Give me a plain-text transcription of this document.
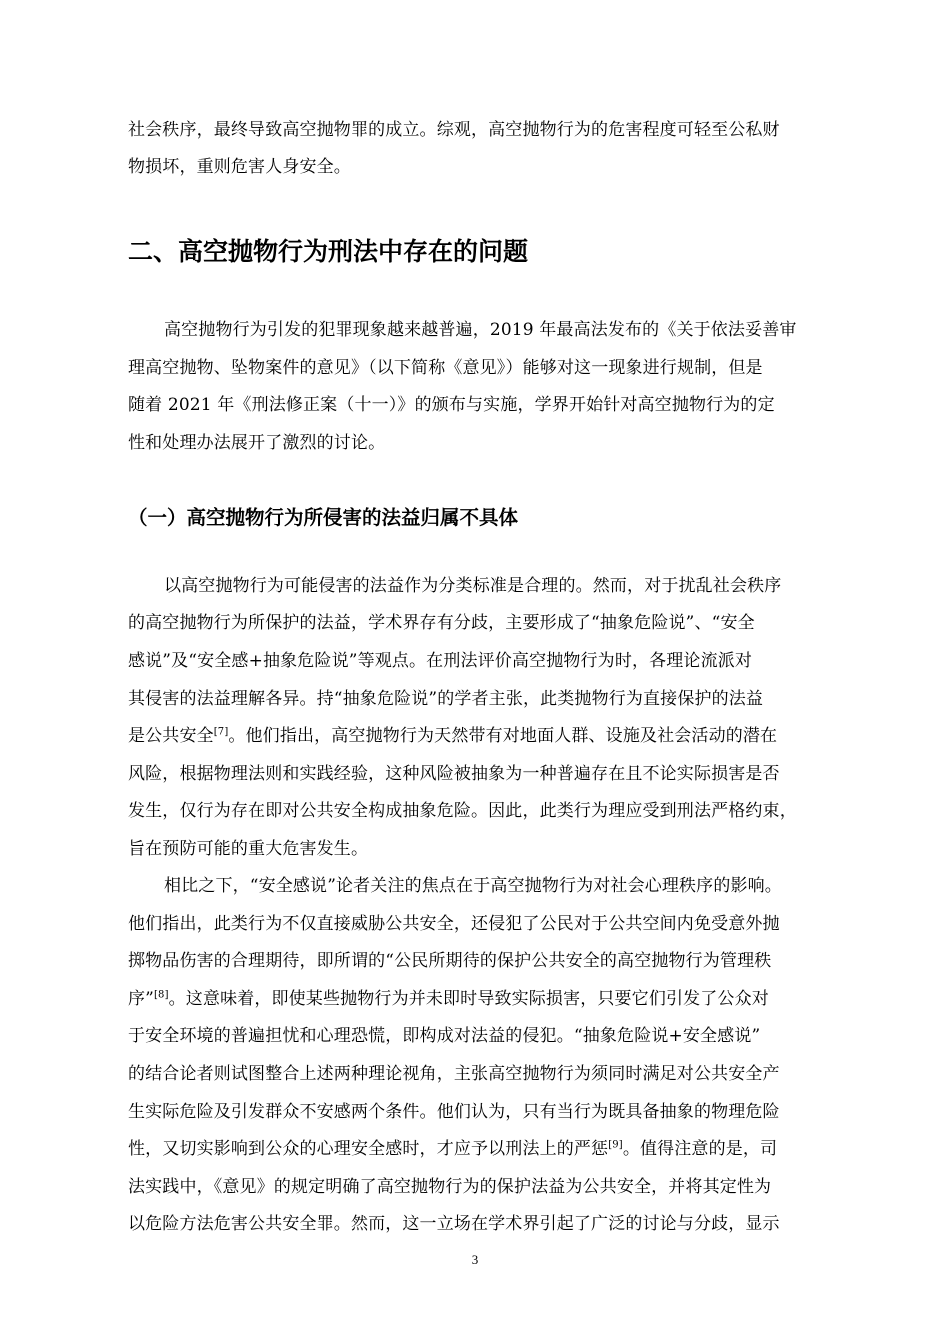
社会秩序，最终导致高空抛物罪的成立。综观，高空抛物行为的危害程度可轻至公私财
物损坏，重则危害人身安全。
二、高空抛物行为刑法中存在的问题
高空抛物行为引发的犯罪现象越来越普遍，2019 年最高法发布的《关于依法妥善审
理高空抛物、坠物案件的意见》（以下简称《意见》）能够对这一现象进行规制，但是
随着 2021 年《刑法修正案（十一）》的颁布与实施，学界开始针对高空抛物行为的定
性和处理办法展开了激烈的讨论。
（一）高空抛物行为所侵害的法益归属不具体
以高空抛物行为可能侵害的法益作为分类标准是合理的。然而，对于扰乱社会秩序
的高空抛物行为所保护的法益，学术界存有分歧，主要形成了“抽象危险说”、“安全
感说”及“安全感+抽象危险说”等观点。在刑法评价高空抛物行为时，各理论流派对
其侵害的法益理解各异。持“抽象危险说”的学者主张，此类抛物行为直接保护的法益
是公共安全[7]。他们指出，高空抛物行为天然带有对地面人群、设施及社会活动的潜在
风险，根据物理法则和实践经验，这种风险被抽象为一种普遍存在且不论实际损害是否
发生，仅行为存在即对公共安全构成抽象危险。因此，此类行为理应受到刑法严格约束，
旨在预防可能的重大危害发生。
相比之下，“安全感说”论者关注的焦点在于高空抛物行为对社会心理秩序的影响。
他们指出，此类行为不仅直接威胁公共安全，还侵犯了公民对于公共空间内免受意外抛
掷物品伤害的合理期待，即所谓的“公民所期待的保护公共安全的高空抛物行为管理秩
序”[8]。这意味着，即使某些抛物行为并未即时导致实际损害，只要它们引发了公众对
于安全环境的普遍担忧和心理恐慌，即构成对法益的侵犯。“抽象危险说+安全感说”
的结合论者则试图整合上述两种理论视角，主张高空抛物行为须同时满足对公共安全产
生实际危险及引发群众不安感两个条件。他们认为，只有当行为既具备抽象的物理危险
性，又切实影响到公众的心理安全感时，才应予以刑法上的严惩[9]。值得注意的是，司
法实践中，《意见》的规定明确了高空抛物行为的保护法益为公共安全，并将其定性为
以危险方法危害公共安全罪。然而，这一立场在学术界引起了广泛的讨论与分歧，显示
3
